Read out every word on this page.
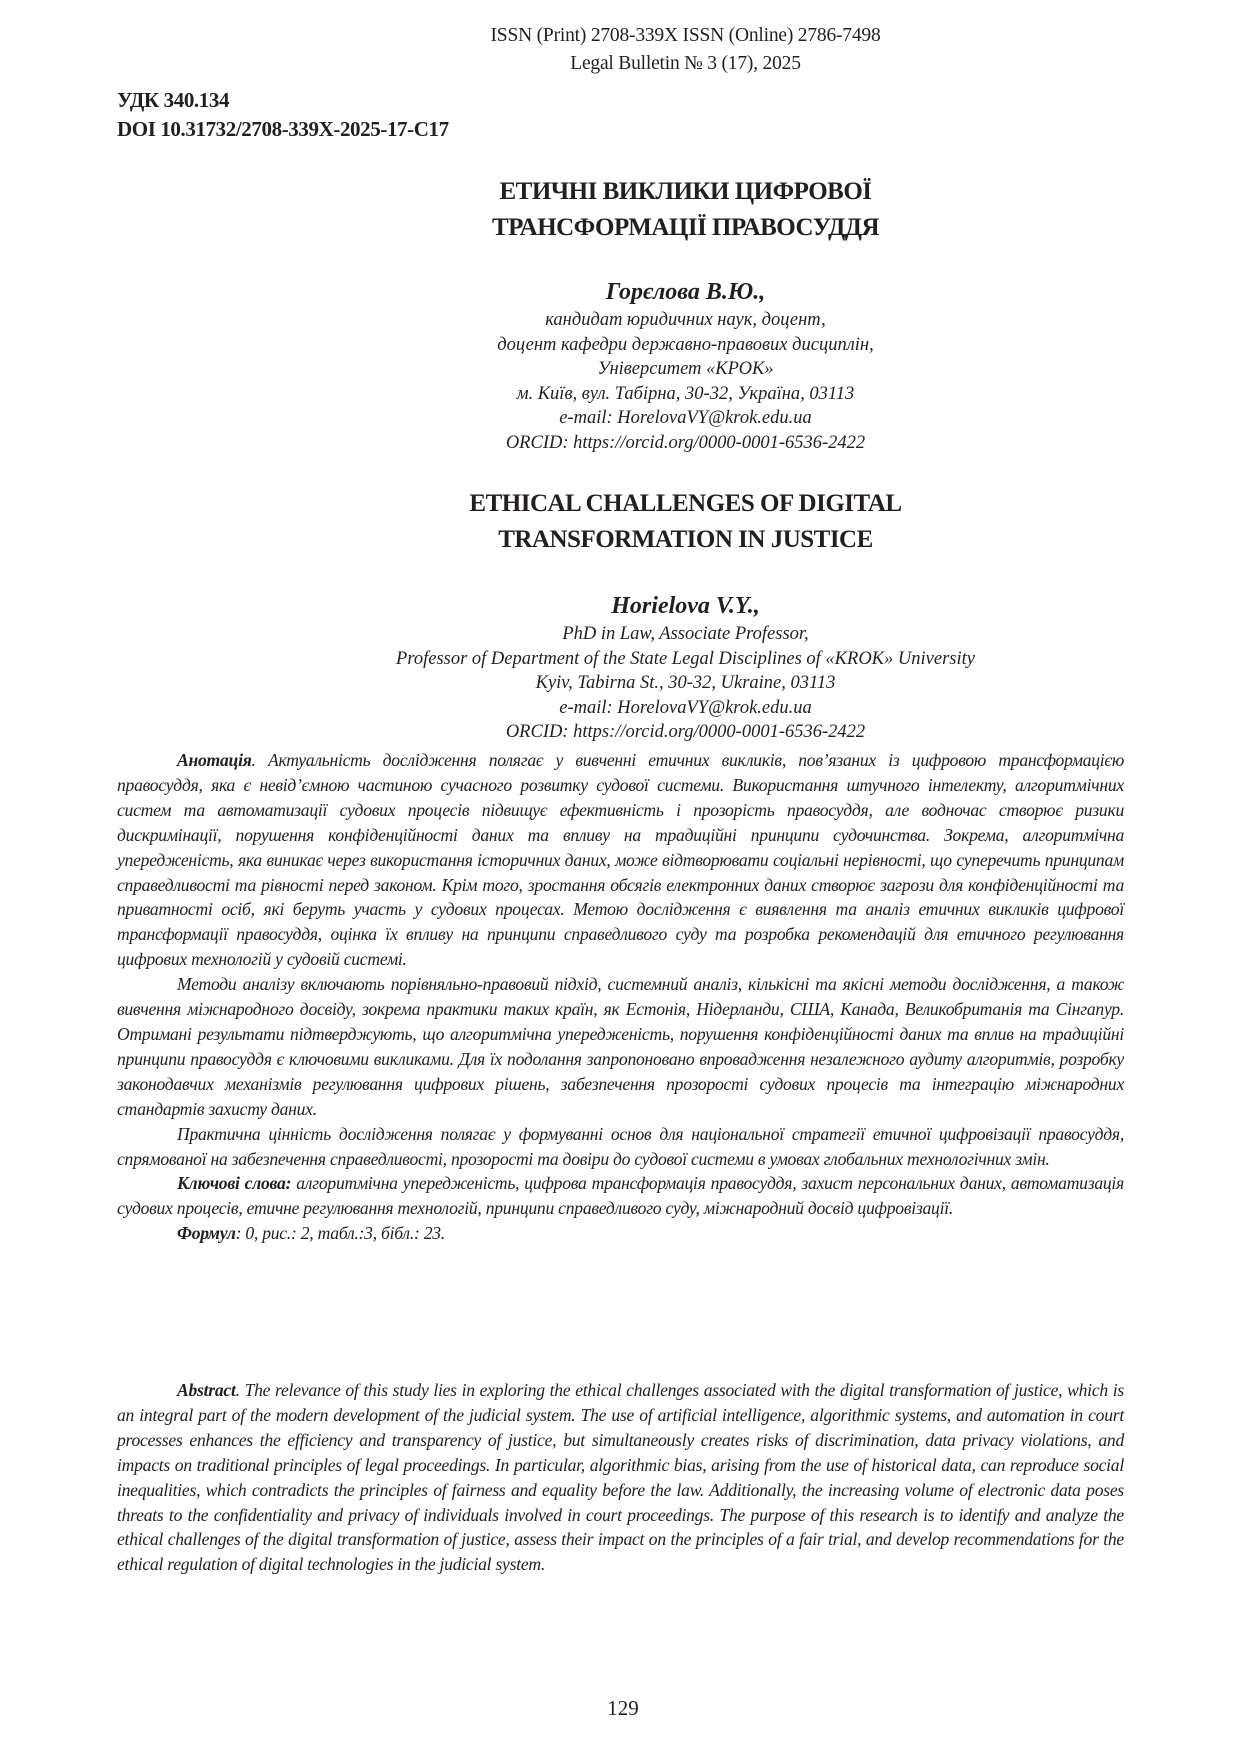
ISSN (Print) 2708-339X ISSN (Online) 2786-7498
Legal Bulletin № 3 (17), 2025
УДК 340.134
DOI 10.31732/2708-339X-2025-17-C17
ЕТИЧНІ ВИКЛИКИ ЦИФРОВОЇ
ТРАНСФОРМАЦІЇ ПРАВОСУДДЯ
Горєлова В.Ю.,
кандидат юридичних наук, доцент,
доцент кафедри державно-правових дисциплін,
Університет «КРОК»
м. Київ, вул. Табірна, 30-32, Україна, 03113
e-mail: HorelovaVY@krok.edu.ua
ORCID: https://orcid.org/0000-0001-6536-2422
ETHICAL CHALLENGES OF DIGITAL
TRANSFORMATION IN JUSTICE
Horielova V.Y.,
PhD in Law, Associate Professor,
Professor of Department of the State Legal Disciplines of «KROK» University
Kyiv, Tabirna St., 30-32, Ukraine, 03113
e-mail: HorelovaVY@krok.edu.ua
ORCID: https://orcid.org/0000-0001-6536-2422

Анотація. Актуальність дослідження полягає у вивченні етичних викликів, пов’язаних із цифровою трансформацією правосуддя, яка є невід’ємною частиною сучасного розвитку судової системи. Використання штучного інтелекту, алгоритмічних систем та автоматизації судових процесів підвищує ефективність і прозорість правосуддя, але водночас створює ризики дискримінації, порушення конфіденційності даних та впливу на традиційні принципи судочинства. Зокрема, алгоритмічна упередженість, яка виникає через використання історичних даних, може відтворювати соціальні нерівності, що суперечить принципам справедливості та рівності перед законом. Крім того, зростання обсягів електронних даних створює загрози для конфіденційності та приватності осіб, які беруть участь у судових процесах. Метою дослідження є виявлення та аналіз етичних викликів цифрової трансформації правосуддя, оцінка їх впливу на принципи справедливого суду та розробка рекомендацій для етичного регулювання цифрових технологій у судовій системі.

Методи аналізу включають порівняльно-правовий підхід, системний аналіз, кількісні та якісні методи дослідження, а також вивчення міжнародного досвіду, зокрема практики таких країн, як Естонія, Нідерланди, США, Канада, Великобританія та Сінгапур. Отримані результати підтверджують, що алгоритмічна упередженість, порушення конфіденційності даних та вплив на традиційні принципи правосуддя є ключовими викликами. Для їх подолання запропоновано впровадження незалежного аудиту алгоритмів, розробку законодавчих механізмів регулювання цифрових рішень, забезпечення прозорості судових процесів та інтеграцію міжнародних стандартів захисту даних.

Практична цінність дослідження полягає у формуванні основ для національної стратегії етичної цифровізації правосуддя, спрямованої на забезпечення справедливості, прозорості та довіри до судової системи в умовах глобальних технологічних змін.

Ключові слова: алгоритмічна упередженість, цифрова трансформація правосуддя, захист персональних даних, автоматизація судових процесів, етичне регулювання технологій, принципи справедливого суду, міжнародний досвід цифровізації.

Формул: 0, рис.: 2, табл.:3, бібл.: 23.

Abstract. The relevance of this study lies in exploring the ethical challenges associated with the digital transformation of justice, which is an integral part of the modern development of the judicial system. The use of artificial intelligence, algorithmic systems, and automation in court processes enhances the efficiency and transparency of justice, but simultaneously creates risks of discrimination, data privacy violations, and impacts on traditional principles of legal proceedings. In particular, algorithmic bias, arising from the use of historical data, can reproduce social inequalities, which contradicts the principles of fairness and equality before the law. Additionally, the increasing volume of electronic data poses threats to the confidentiality and privacy of individuals involved in court proceedings. The purpose of this research is to identify and analyze the ethical challenges of the digital transformation of justice, assess their impact on the principles of a fair trial, and develop recommendations for the ethical regulation of digital technologies in the judicial system.

129
